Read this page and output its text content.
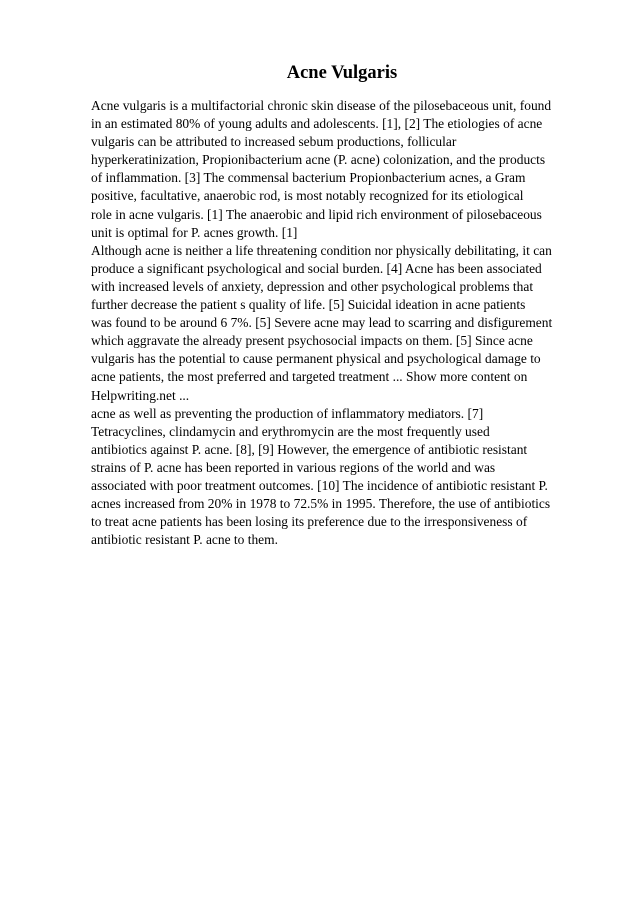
Acne Vulgaris
Acne vulgaris is a multifactorial chronic skin disease of the pilosebaceous unit, found
in an estimated 80% of young adults and adolescents. [1], [2] The etiologies of acne
vulgaris can be attributed to increased sebum productions, follicular
hyperkeratinization, Propionibacterium acne (P. acne) colonization, and the products
of inflammation. [3] The commensal bacterium Propionbacterium acnes, a Gram
positive, facultative, anaerobic rod, is most notably recognized for its etiological
role in acne vulgaris. [1] The anaerobic and lipid rich environment of pilosebaceous
unit is optimal for P. acnes growth. [1]
Although acne is neither a life threatening condition nor physically debilitating, it can
produce a significant psychological and social burden. [4] Acne has been associated
with increased levels of anxiety, depression and other psychological problems that
further decrease the patient s quality of life. [5] Suicidal ideation in acne patients
was found to be around 6 7%. [5] Severe acne may lead to scarring and disfigurement
which aggravate the already present psychosocial impacts on them. [5] Since acne
vulgaris has the potential to cause permanent physical and psychological damage to
acne patients, the most preferred and targeted treatment ... Show more content on
Helpwriting.net ...
acne as well as preventing the production of inflammatory mediators. [7]
Tetracyclines, clindamycin and erythromycin are the most frequently used
antibiotics against P. acne. [8], [9] However, the emergence of antibiotic resistant
strains of P. acne has been reported in various regions of the world and was
associated with poor treatment outcomes. [10] The incidence of antibiotic resistant P.
acnes increased from 20% in 1978 to 72.5% in 1995. Therefore, the use of antibiotics
to treat acne patients has been losing its preference due to the irresponsiveness of
antibiotic resistant P. acne to them.
